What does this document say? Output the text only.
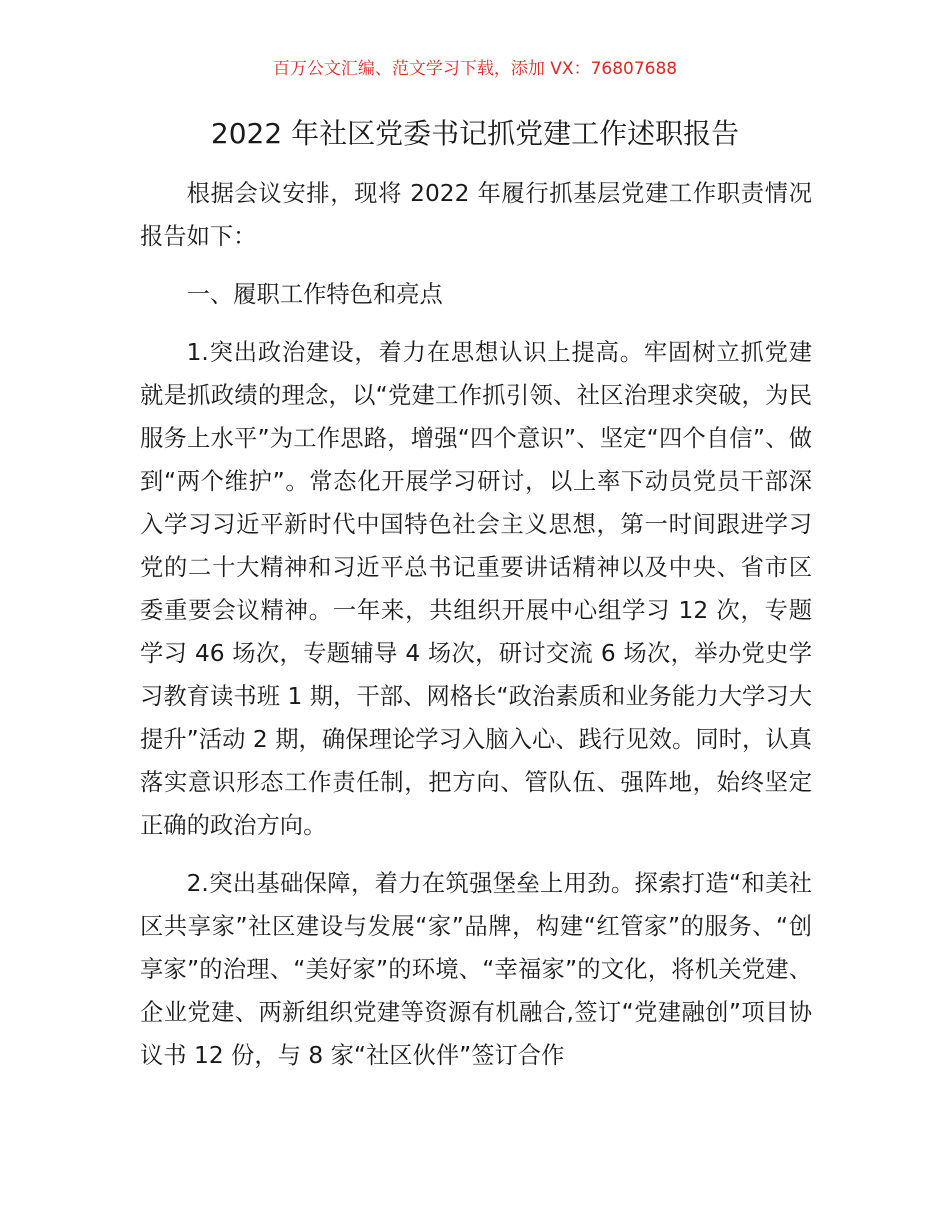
百万公文汇编、范文学习下载，添加 VX：76807688
2022 年社区党委书记抓党建工作述职报告

根据会议安排，现将 2022 年履行抓基层党建工作职责情况报告如下：

一、履职工作特色和亮点

1.突出政治建设，着力在思想认识上提高。牢固树立抓党建就是抓政绩的理念，以“党建工作抓引领、社区治理求突破，为民服务上水平”为工作思路，增强“四个意识”、坚定“四个自信”、做到“两个维护”。常态化开展学习研讨，以上率下动员党员干部深入学习习近平新时代中国特色社会主义思想，第一时间跟进学习党的二十大精神和习近平总书记重要讲话精神以及中央、省市区委重要会议精神。一年来，共组织开展中心组学习 12 次，专题学习 46 场次，专题辅导 4 场次，研讨交流 6 场次，举办党史学习教育读书班 1 期，干部、网格长“政治素质和业务能力大学习大提升”活动 2 期，确保理论学习入脑入心、践行见效。同时，认真落实意识形态工作责任制，把方向、管队伍、强阵地，始终坚定正确的政治方向。

2.突出基础保障，着力在筑强堡垒上用劲。探索打造“和美社区共享家”社区建设与发展“家”品牌，构建“红管家”的服务、“创享家”的治理、“美好家”的环境、“幸福家”的文化，将机关党建、企业党建、两新组织党建等资源有机融合,签订“党建融创”项目协议书 12 份，与 8 家“社区伙伴”签订合作
